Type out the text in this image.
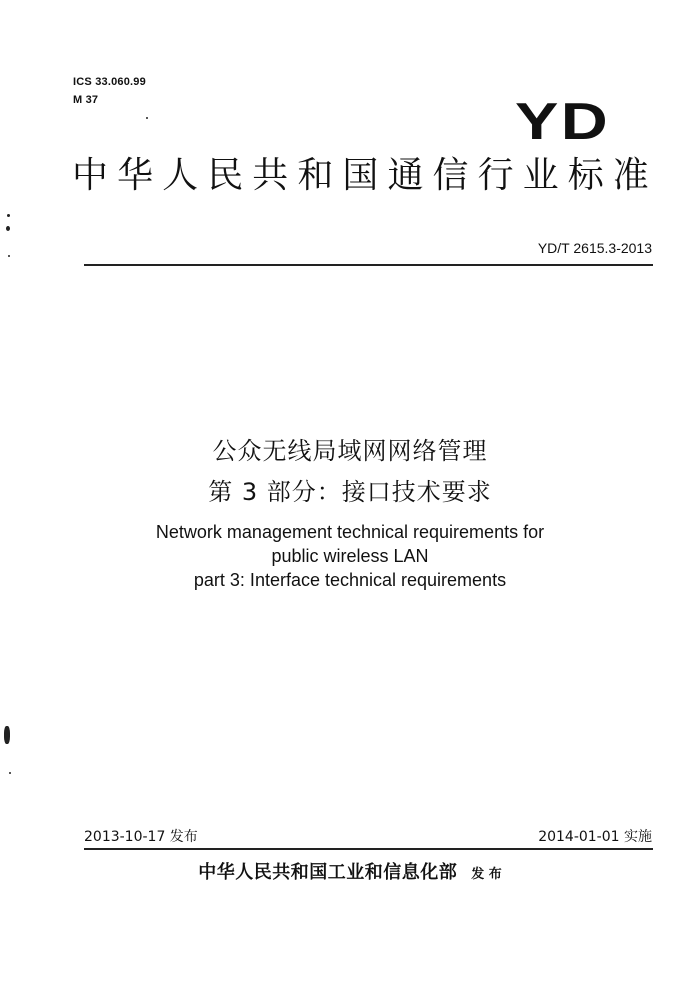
ICS 33.060.99
M 37	YD
中华人民共和国通信行业标准
YD/T 2615.3-2013
公众无线局域网网络管理
第 3 部分：接口技术要求
Network management technical requirements for
public wireless LAN
part 3: Interface technical requirements
2013-10-17 发布	2014-01-01 实施
中华人民共和国工业和信息化部 发 布
